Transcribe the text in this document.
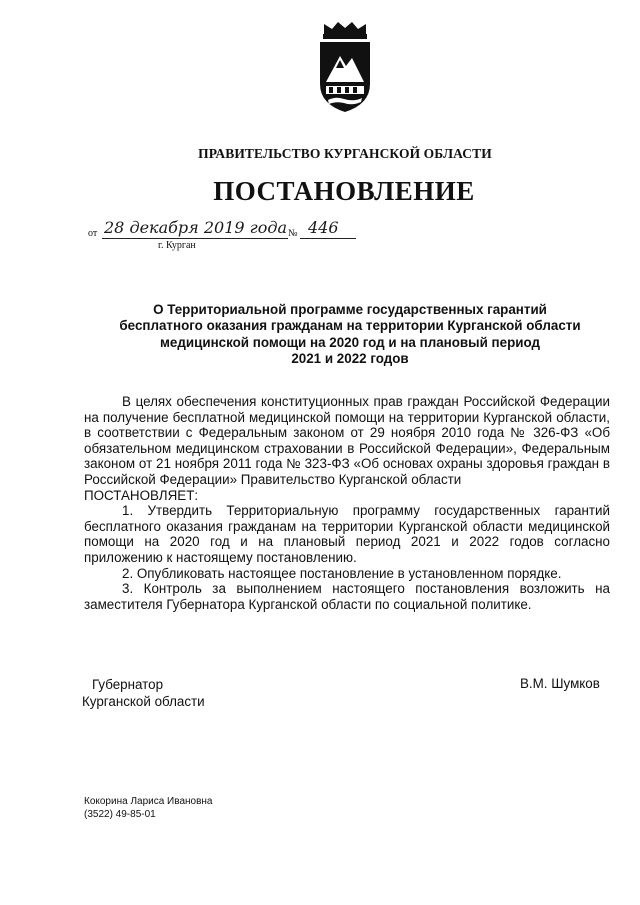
ПРАВИТЕЛЬСТВО КУРГАНСКОЙ ОБЛАСТИ
ПОСТАНОВЛЕНИЕ
от 28 декабря 2019 года № 446
г. Курган
О Территориальной программе государственных гарантий
бесплатного оказания гражданам на территории Курганской области
медицинской помощи на 2020 год и на плановый период
2021 и 2022 годов

В целях обеспечения конституционных прав граждан Российской Федерации на получение бесплатной медицинской помощи на территории Курганской области, в соответствии с Федеральным законом от 29 ноября 2010 года № 326-ФЗ «Об обязательном медицинском страховании в Российской Федерации», Федеральным законом от 21 ноября 2011 года № 323-ФЗ «Об основах охраны здоровья граждан в Российской Федерации» Правительство Курганской области

ПОСТАНОВЛЯЕТ:

1. Утвердить Территориальную программу государственных гарантий бесплатного оказания гражданам на территории Курганской области медицинской помощи на 2020 год и на плановый период 2021 и 2022 годов согласно приложению к настоящему постановлению.

2. Опубликовать настоящее постановление в установленном порядке.

3. Контроль за выполнением настоящего постановления возложить на заместителя Губернатора Курганской области по социальной политике.

Губернатор
Курганской области
В.М. Шумков
Кокорина Лариса Ивановна
(3522) 49-85-01
